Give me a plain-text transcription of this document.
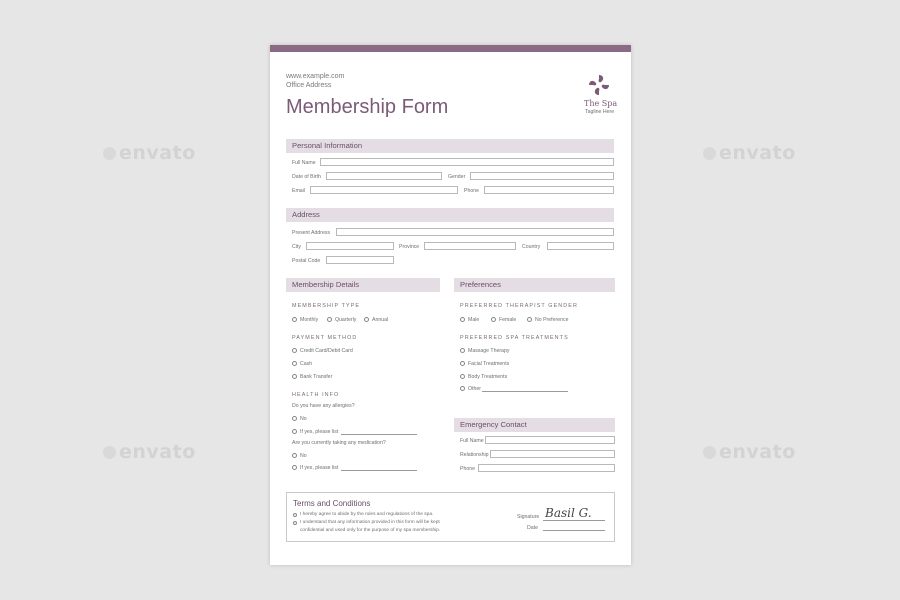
envato	envato
envato	envato
www.example.com
Office Address
Membership Form	The Spa
Tagline Here
Personal Information
Full Name
Date of Birth	Gender
Email	Phone
Address
Present Address
City	Province	Country
Postal Code
Membership Details
MEMBERSHIP TYPE
Monthly	Quarterly	Annual
PAYMENT METHOD
Credit Card/Debit Card
Cash
Bank Transfer
HEALTH INFO
Do you have any allergies?
No
If yes, please list
Are you currently taking any medication?
No
If yes, please list
Preferences
PREFERRED THERAPIST GENDER
Male	Female	No Preference
PREFERRED SPA TREATMENTS
Massage Therapy
Facial Treatments
Body Treatments
Other
Emergency Contact
Full Name
Relationship
Phone
Terms and Conditions
I hereby agree to abide by the rules and regulations of the spa.
I understand that any information provided in this form will be kept
confidential and used only for the purpose of my spa membership.
Signature Basil G.
Date
